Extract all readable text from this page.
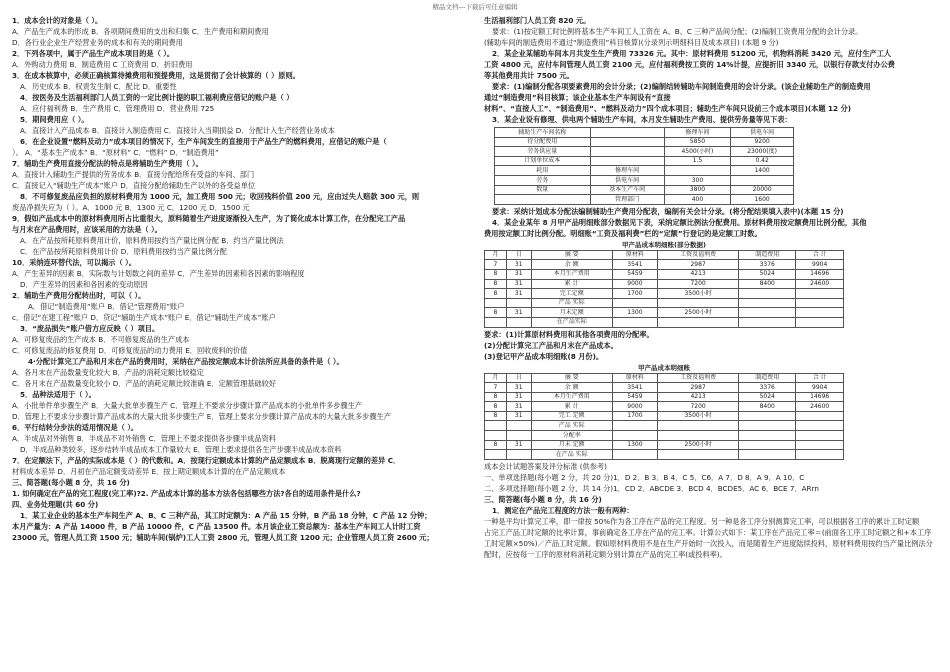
精品文档---下载后可任意编辑
1．成本会计的对象是（ ）。
A．产品生产成本的形成 B．各项期间费用的支出和归集 C．生产费用和期间费用
D．各行业企业生产经营业务的成本和有关的期间费用
2．下列各项中，属于产品生产成本项目的是（ ）。
A．外购动力费用 B．制造费用 C 工资费用 D．折旧费用
3．在成本核算中，必须正确核算待摊费用和预提费用，这是贯彻了会计核算的（ ）原则。
A．历史成本 B．权责发生制 C．配比 D．重要性
4．按医务及生活福利部门人员工资的一定比例计提的职工福利费应借记的账户是（ ）
A．应付福利费 B．生产费用 C．管理费用 D．营业费用 725
5．期间费用应（ ）。
A．直接计入产品成本 B．直接计入制造费用 C．直接计入当期损益 D．分配计入生产经营业务成本
6．在企业设置“燃料及动力”成本项目的情况下，生产车间发生的直接用于产品生产的燃料费用，应借记的账户是（
）。 A．“基本生产成本” B．“原材料” C．“燃料” D．“制造费用”
7．辅助生产费用直接分配法的特点是将辅助生产费用（ ）。
A．直接计入辅助生产提供的劳务成本 B．直接分配给所有受益的车间、部门
C．直接记入“辅助生产成本”账户 D．直接分配给辅助生产以外的各受益单位
8．不可修复废品应负担的原材料费用为 1000 元，加工费用 500 元；收回残料价值 200 元，应由过失人赔款 300 元，则
废品净损失应为（ ）。A．1000 元 B．1300 元 C．1200 元 D．1500 元
9．假如产品成本中的原材料费用所占比重很大，原料随着生产进度逐渐投入生产，为了简化成本计算工作，在分配完工产品
与月末在产品费用时，应该采用的方法是（ ）。
A．在产品按所耗原料费用计价，原料费用按约当产量比例分配 B．约当产量比例法
C．在产品按所耗原料费用计价 D．原料费用按约当产量比例分配
10．采纳连环替代法，可以揭示（ ）。
A．产生差异的因素 B．实际数与计划数之间的差异 C．产生差异的因素和各因素的影响程度
D．产生差异的因素和各因素的变动原因
2．辅助生产费用分配转出时，可以（ ）。
A．借记“制造费用”账户 B．借记“管理费用”账户
c．借记“在建工程”账户 D．贷记“辅助生产成本”账户 E．借记“辅助生产成本”账户
3．“废品损失”账户借方应反映（ ）项目。
A．可修复废品的生产成本 B．不可修复废品的生产成本
C．可修复废品的修复费用 D．可修复废品的动力费用 E．回收废料的价值
4·分配计算完工产品和月末在产品的费用时，采纳在产品按定额成本计价法所应具备的条件是（ ）。
A．各月末在产品数量变化较大 B．产品的消耗定额比较稳定
C．各月末在产品数量变化较小 D．产品的消耗定额比较准确 E．定额管理基础较好
5．品种法适用于（ ）。
A．小批单件单步骤生产 B．大量大批单步骤生产 C．管理上不要求分步骤计算产品成本的小批单件多步骤生产
D．管理上不要求分步骤计算产品成本的大量大批多步骤生产 E．管理上要求分步骤计算产品成本的大量大批多步骤生产
6．平行结转分步法的适用情况是（ ）。
A．半成品对外销售 B．半成品不对外销售 C．管理上不要求提供各步骤半成品资料
D．半成品种类较多，逐步结转半成品成本工作量较大 E．管理上要求提供各生产步骤半成品成本资料
7．在定额法下，产品的实际成本是（ ）的代数和。A．按现行定额成本计算的产品定额成本 B．脱离现行定额的差异 C．
材料成本差异 D．月初在产品定额变动差异 E．按上期定额成本计算的在产品定额成本
三、简答题(每小题 8 分，共 16 分)
1. 如何确定在产品的完工程度(完工率)?2. 产品成本计算的基本方法各包括哪些方法?各自的适用条件是什么?
四、业务处理题(共 60 分)
1．某工业企业的基本生产车间生产 A、B、C 三种产品，其工时定额为：A 产品 15 分钟，B 产品 18 分钟，C 产品 12 分钟；
本月产量为：A 产品 14000 件，B 产品 10000 件，C 产品 13500 件。本月该企业工资总额为：基本生产车间工人计时工资
23000 元，管理人员工资 1500 元；辅助车间(锅炉)工人工资 2800 元，管理人员工资 1200 元；企业管理人员工资 2600 元；
生活福利部门人员工资 820 元。
要求：(1)按定额工时比例将基本生产车间工人工资在 A、B、C 三种产品间分配；(2)编制工资费用分配的会计分录。
(辅助车间的制造费用不通过“制造费用”科目核算)(分录列示明细科目及成本项目) (本题 9 分)
2．某企业某辅助车间本月共发生生产费用 73326 元。其中：原材料费用 51200 元，机物料消耗 3420 元，应付生产工人
工资 4800 元，应付车间管理人员工资 2100 元，应付福利费按工资的 14%计提，应提折旧 3340 元，以银行存款支付办公费
等其他费用共计 7500 元。
要求：(1)编制分配各项要素费用的会计分录；(2)编制结转辅助车间制造费用的会计分录。(该企业辅助生产的制造费用
通过“制造费用”科目核算；该企业基本生产车间设有“直接
材料”、“直接人工”、“制造费用”、“燃料及动力”四个成本项目；辅助生产车间只设前三个成本项目)(本题 12 分)
3．某企业设有修理、供电两个辅助生产车间，本月发生辅助生产费用、提供劳务量等见下表：
辅助生产车间名称		修理车间	供电车间
待分配费用		5850	9200
劳务供应量		4500(小时)	23000(度)
计划单位成本		1.5	0.42
耗用	修理车间		1400
劳务	供电车间	300	
数量	基本生产车间	3800	20000
	管理部门	400	1600
要求：采纳计划成本分配法编制辅助生产费用分配表，编制有关会计分录。(将分配结果填入表中)(本题 15 分)
4．某企业某年 8 月甲产品明细账部分数据见下表，采纳定额比例法分配费用。原材料费用按定额费用比例分配，其他
费用按定额工时比例分配。明细账“工资及福利费”栏的“定额”行登记的是定额工时数。
甲产品成本明细账(部分数据)
月	日	摘 要	原材料	工资及福利费	制造费用	合 计
7	31	余 额	3541	2987	3376	9904
8	31	本月生产费用	5459	4213	5024	14696
8	31	累 计	9000	7200	8400	24600
8	31	完工定额	1700	3500小时		
		产品 实际				
8	31	月末定额	1300	2500小时		
		在产品实际				
要求：(1)计算原材料费用和其他各项费用的分配率。
(2)分配计算完工产品和月末在产品成本。
(3)登记甲产品成本明细账(8 月份)。
甲产品成本明细账
月	日	摘 要	原材料	工资及福利费	制造费用	合 计
7	31	余 额	3541	2987	3376	9904
8	31	本月生产费用	5459	4213	5024	14696
8	31	累 计	9000	7200	8400	24600
8	31	完工 定额	1700	3500小时		
		产品 实际				
		分配率				
8	31	月末 定额	1300	2500小时		
		在产品 实际				
成本会计试题答案及评分标准 (供参考)
一、单项选择题(每小题 2 分，共 20 分)1．D 2．B 3．B 4．C 5．C6．A 7．D 8．A 9．A 10．C
二、多项选择题(每小题 2 分，共 14 分)1．CD 2．ABCDE 3．BCD 4．BCDE5．AC 6．BCE 7．ARrn
三、简答题(每小题 8 分，共 16 分)
1．测定在产品完工程度的方法一般有两种：
一种是平均计算完工率，即一律按 50%作为各工序在产品的完工程度。另一种是各工序分别测算完工率，可以根据各工序的累计工时定额
占完工产品工时定额的比率计算，事前确定各工序在产品的完工率。计算公式如下：某工序在产品完工率＝(前面各工序工时定额之和+本工序
工时定额×50%)／产品工时定额。假如原材料费用不是在生产开始时一次投入，而是随着生产进度陆续投料，原材料费用按约当产量比例法分
配时，应按每一工序的原材料消耗定额分别计算在产品的完工率(或投料率)。
